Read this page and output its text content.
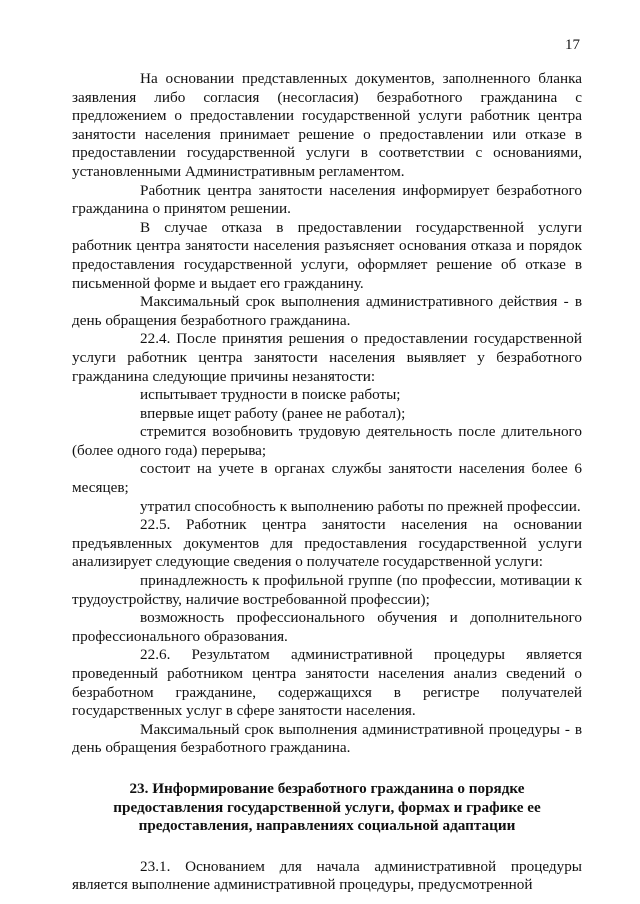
17

На основании представленных документов, заполненного бланка заявления либо согласия (несогласия) безработного гражданина с предложением о предоставлении государственной услуги работник центра занятости населения принимает решение о предоставлении или отказе в предоставлении государственной услуги в соответствии с основаниями, установленными Административным регламентом.

Работник центра занятости населения информирует безработного гражданина о принятом решении.

В случае отказа в предоставлении государственной услуги работник центра занятости населения разъясняет основания отказа и порядок предоставления государственной услуги, оформляет решение об отказе в письменной форме и выдает его гражданину.

Максимальный срок выполнения административного действия - в день обращения безработного гражданина.

22.4. После принятия решения о предоставлении государственной услуги работник центра занятости населения выявляет у безработного гражданина следующие причины незанятости:

испытывает трудности в поиске работы;

впервые ищет работу (ранее не работал);

стремится возобновить трудовую деятельность после длительного (более одного года) перерыва;

состоит на учете в органах службы занятости населения более 6 месяцев;

утратил способность к выполнению работы по прежней профессии.

22.5. Работник центра занятости населения на основании предъявленных документов для предоставления государственной услуги анализирует следующие сведения о получателе государственной услуги:

принадлежность к профильной группе (по профессии, мотивации к трудоустройству, наличие востребованной профессии);

возможность профессионального обучения и дополнительного профессионального образования.

22.6. Результатом административной процедуры является проведенный работником центра занятости населения анализ сведений о безработном гражданине, содержащихся в регистре получателей государственных услуг в сфере занятости населения.

Максимальный срок выполнения административной процедуры - в день обращения безработного гражданина.

23. Информирование безработного гражданина о порядке предоставления государственной услуги, формах и графике ее предоставления, направлениях социальной адаптации

23.1. Основанием для начала административной процедуры является выполнение административной процедуры, предусмотренной
